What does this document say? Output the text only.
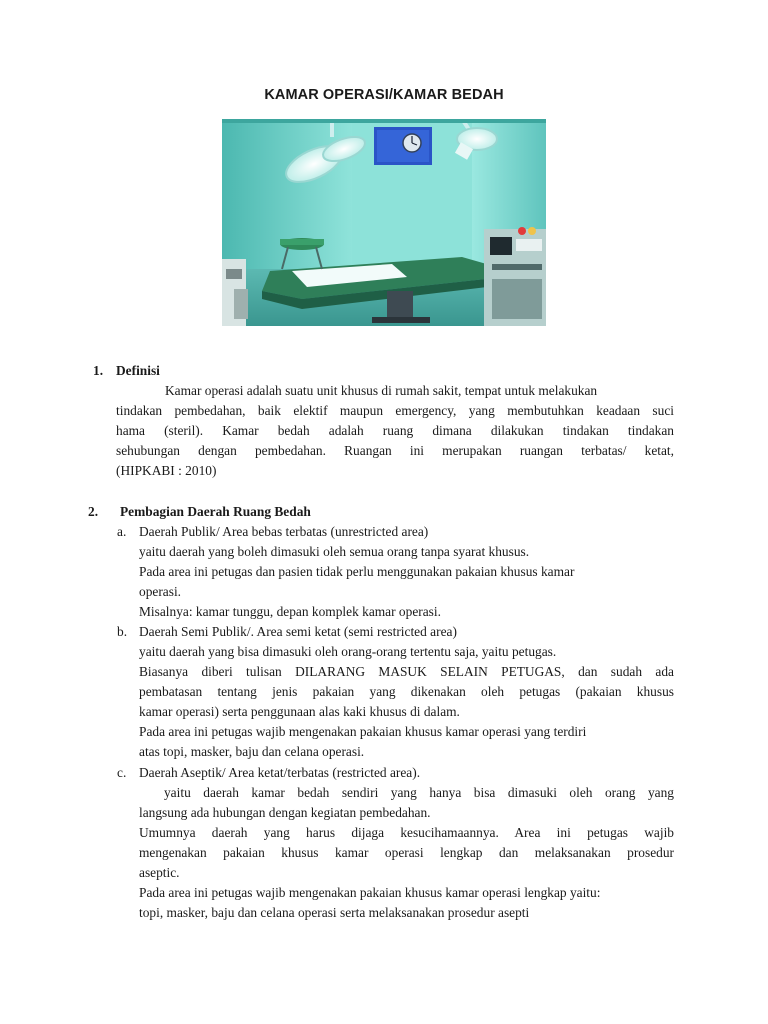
KAMAR OPERASI/KAMAR BEDAH
1. Definisi
Kamar operasi adalah suatu unit khusus di rumah sakit, tempat untuk melakukan
tindakan pembedahan, baik elektif maupun emergency, yang membutuhkan keadaan suci
hama (steril). Kamar bedah adalah ruang dimana dilakukan tindakan tindakan
sehubungan dengan pembedahan. Ruangan ini merupakan ruangan terbatas/ ketat,
(HIPKABI : 2010)
2. Pembagian Daerah Ruang Bedah
a. Daerah Publik/ Area bebas terbatas (unrestricted area)
yaitu daerah yang boleh dimasuki oleh semua orang tanpa syarat khusus.
Pada area ini petugas dan pasien tidak perlu menggunakan pakaian khusus kamar
operasi.
Misalnya: kamar tunggu, depan komplek kamar operasi.
b. Daerah Semi Publik/. Area semi ketat (semi restricted area)
yaitu daerah yang bisa dimasuki oleh orang-orang tertentu saja, yaitu petugas.
Biasanya diberi tulisan DILARANG MASUK SELAIN PETUGAS, dan sudah ada
pembatasan tentang jenis pakaian yang dikenakan oleh petugas (pakaian khusus
kamar operasi) serta penggunaan alas kaki khusus di dalam.
Pada area ini petugas wajib mengenakan pakaian khusus kamar operasi yang terdiri
atas topi, masker, baju dan celana operasi.
c. Daerah Aseptik/ Area ketat/terbatas (restricted area).
yaitu daerah kamar bedah sendiri yang hanya bisa dimasuki oleh orang yang
langsung ada hubungan dengan kegiatan pembedahan.
Umumnya daerah yang harus dijaga kesucihamaannya. Area ini petugas wajib
mengenakan pakaian khusus kamar operasi lengkap dan melaksanakan prosedur
aseptic.
Pada area ini petugas wajib mengenakan pakaian khusus kamar operasi lengkap yaitu:
topi, masker, baju dan celana operasi serta melaksanakan prosedur asepti
